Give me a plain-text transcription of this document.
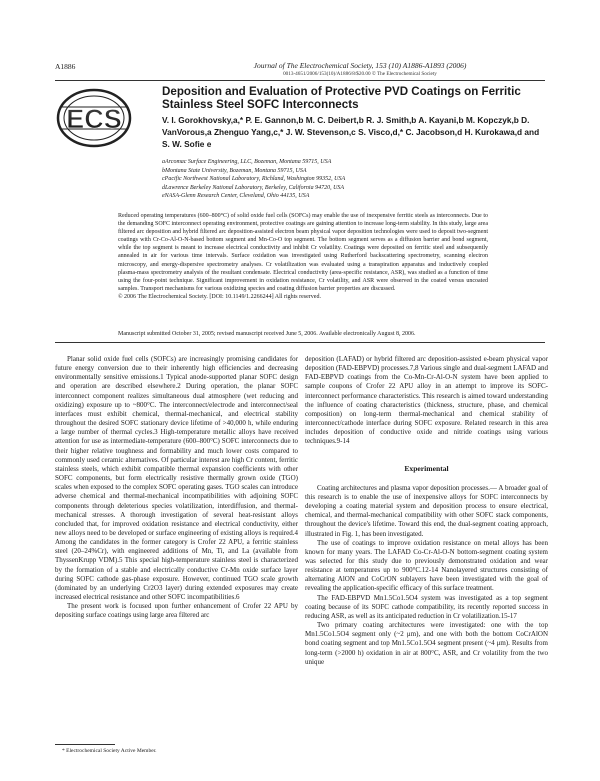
A1886	Journal of The Electrochemical Society, 153 (10) A1886-A1893 (2006)
0013-4651/2006/153(10)/A1886/8/$20.00 © The Electrochemical Society
ECS
Deposition and Evaluation of Protective PVD Coatings on Ferritic Stainless Steel SOFC Interconnects
V. I. Gorokhovsky,a,* P. E. Gannon,b M. C. Deibert,b R. J. Smith,b A. Kayani,b M. Kopczyk,b D. VanVorous,a Zhenguo Yang,c,* J. W. Stevenson,c S. Visco,d,* C. Jacobson,d H. Kurokawa,d and S. W. Sofie e
aArcomac Surface Engineering, LLC, Bozeman, Montana 59715, USA
bMontana State University, Bozeman, Montana 59715, USA
cPacific Northwest National Laboratory, Richland, Washington 99352, USA
dLawrence Berkeley National Laboratory, Berkeley, California 94720, USA
eNASA-Glenn Research Center, Cleveland, Ohio 44135, USA
Reduced operating temperatures (600–800°C) of solid oxide fuel cells (SOFCs) may enable the use of inexpensive ferritic steels as interconnects. Due to the demanding SOFC interconnect operating environment, protective coatings are gaining attention to increase long-term stability. In this study, large area filtered arc deposition and hybrid filtered arc deposition-assisted electron beam physical vapor deposition technologies were used to deposit two-segment coatings with Cr-Co-Al-O-N-based bottom segment and Mn-Co-O top segment. The bottom segment serves as a diffusion barrier and bond segment, while the top segment is meant to increase electrical conductivity and inhibit Cr volatility. Coatings were deposited on ferritic steel and subsequently annealed in air for various time intervals. Surface oxidation was investigated using Rutherford backscattering spectrometry, scanning electron microscopy, and energy-dispersive spectrometry analyses. Cr volatilization was evaluated using a transpiration apparatus and inductively coupled plasma-mass spectrometry analysis of the resultant condensate. Electrical conductivity (area-specific resistance, ASR), was studied as a function of time using the four-point technique. Significant improvement in oxidation resistance, Cr volatility, and ASR were observed in the coated versus uncoated samples. Transport mechanisms for various oxidizing species and coating diffusion barrier properties are discussed.
© 2006 The Electrochemical Society. [DOI: 10.1149/1.2266244] All rights reserved.
Manuscript submitted October 31, 2005; revised manuscript received June 5, 2006. Available electronically August 8, 2006.

Planar solid oxide fuel cells (SOFCs) are increasingly promising candidates for future energy conversion due to their inherently high efficiencies and decreasing environmentally sensitive emissions.1 Typical anode-supported planar SOFC design and operation are described elsewhere.2 During operation, the planar SOFC interconnect component realizes simultaneous dual atmosphere (wet reducing and oxidizing) exposure up to ~800°C. The interconnect/electrode and interconnect/seal interfaces must exhibit chemical, thermal-mechanical, and electrical stability throughout the desired SOFC stationary device lifetime of >40,000 h, while enduring a large number of thermal cycles.3 High-temperature metallic alloys have received attention for use as intermediate-temperature (600–800°C) SOFC interconnects due to their higher relative toughness and formability and much lower costs compared to commonly used ceramic alternatives. Of particular interest are high Cr content, ferritic stainless steels, which exhibit compatible thermal expansion coefficients with other SOFC components, but form electrically resistive thermally grown oxide (TGO) scales when exposed to the complex SOFC operating gases. TGO scales can introduce adverse chemical and thermal-mechanical incompatibilities with adjoining SOFC components through deleterious species volatilization, interdiffusion, and thermal-mechanical stresses. A thorough investigation of several heat-resistant alloys concluded that, for improved oxidation resistance and electrical conductivity, either new alloys need to be developed or surface engineering of existing alloys is required.4 Among the candidates in the former category is Crofer 22 APU, a ferritic stainless steel (20–24%Cr), with engineered additions of Mn, Ti, and La (available from ThyssenKrupp VDM).5 This special high-temperature stainless steel is characterized by the formation of a stable and electrically conductive Cr-Mn oxide surface layer during SOFC cathode gas-phase exposure. However, continued TGO scale growth (dominated by an underlying Cr2O3 layer) during extended exposures may create increased electrical resistance and other SOFC incompatibilities.6

The present work is focused upon further enhancement of Crofer 22 APU by depositing surface coatings using large area filtered arc

deposition (LAFAD) or hybrid filtered arc deposition-assisted e-beam physical vapor deposition (FAD-EBPVD) processes.7,8 Various single and dual-segment LAFAD and FAD-EBPVD coatings from the Co-Mn-Cr-Al-O-N system have been applied to sample coupons of Crofer 22 APU alloy in an attempt to improve its SOFC-interconnect performance characteristics. This research is aimed toward understanding the influence of coating characteristics (thickness, structure, phase, and chemical composition) on long-term thermal-mechanical and chemical stability of interconnect/cathode interface during SOFC exposure. Related research in this area includes deposition of conductive oxide and nitride coatings using various techniques.9-14

Experimental

Coating architectures and plasma vapor deposition processes.— A broader goal of this research is to enable the use of inexpensive alloys for SOFC interconnects by developing a coating material system and deposition process to ensure electrical, chemical, and thermal-mechanical compatibility with other SOFC stack components, throughout the device's lifetime. Toward this end, the dual-segment coating approach, illustrated in Fig. 1, has been investigated.

The use of coatings to improve oxidation resistance on metal alloys has been known for many years. The LAFAD Co-Cr-Al-O-N bottom-segment coating system was selected for this study due to previously demonstrated oxidation and wear resistance at temperatures up to 900°C.12-14 Nanolayered structures consisting of alternating AlON and CoCrON sublayers have been investigated with the goal of revealing the application-specific efficacy of this surface treatment.

The FAD-EBPVD Mn1.5Co1.5O4 system was investigated as a top segment coating because of its SOFC cathode compatibility, its recently reported success in reducing ASR, as well as its anticipated reduction in Cr volatilization.15-17

Two primary coating architectures were investigated: one with the top Mn1.5Co1.5O4 segment only (~2 μm), and one with both the bottom CoCrAlON bond coating segment and top Mn1.5Co1.5O4 segment present (~4 μm). Results from long-term (>2000 h) oxidation in air at 800°C, ASR, and Cr volatility from the two unique

* Electrochemical Society Active Member.
